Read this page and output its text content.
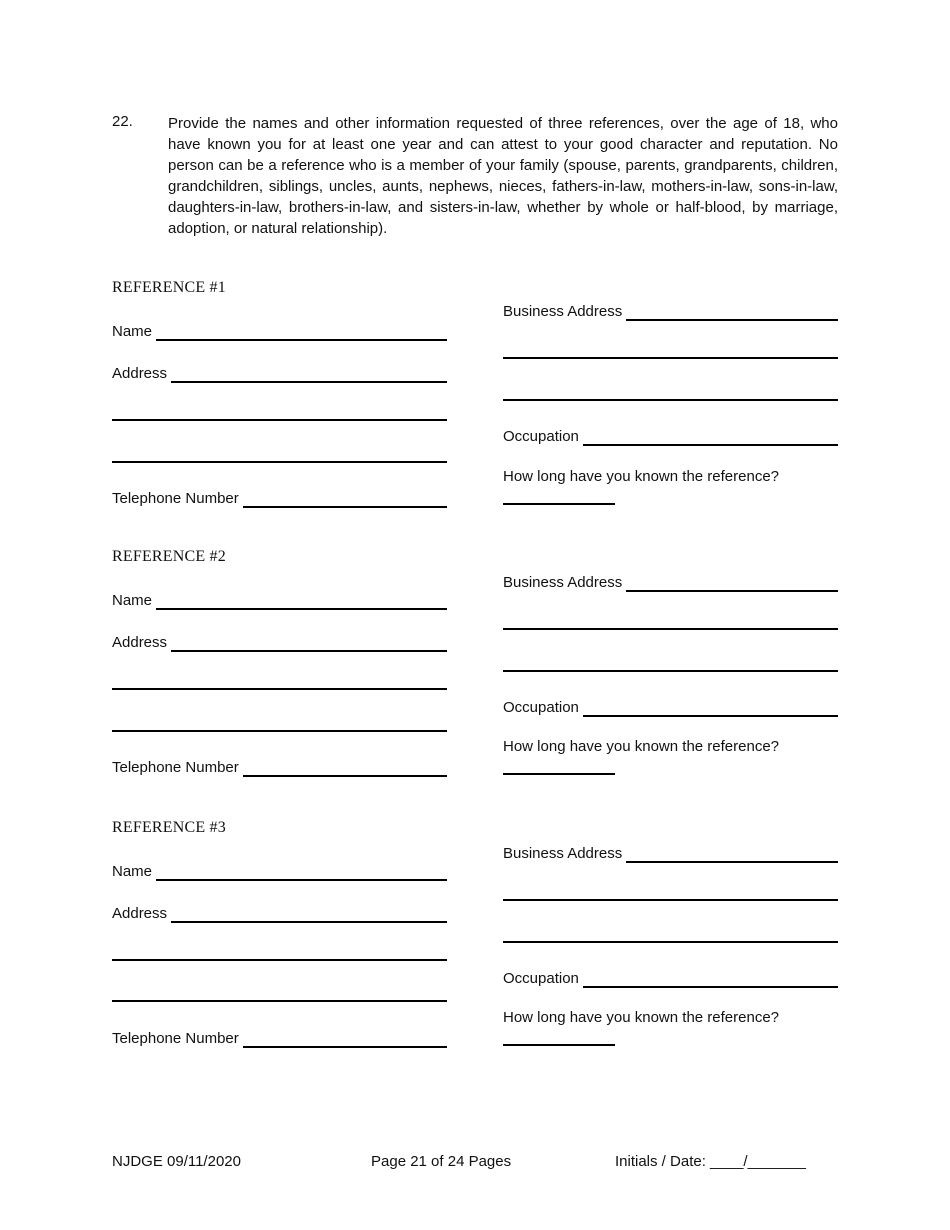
22. Provide the names and other information requested of three references, over the age of 18, who have known you for at least one year and can attest to your good character and reputation. No person can be a reference who is a member of your family (spouse, parents, grandparents, children, grandchildren, siblings, uncles, aunts, nephews, nieces, fathers-in-law, mothers-in-law, sons-in-law, daughters-in-law, brothers-in-law, and sisters-in-law, whether by whole or half-blood, by marriage, adoption, or natural relationship).
REFERENCE #1
Name
Address
Telephone Number
Business Address
Occupation
How long have you known the reference?
REFERENCE #2
Name
Address
Telephone Number
Business Address
Occupation
How long have you known the reference?
REFERENCE #3
Name
Address
Telephone Number
Business Address
Occupation
How long have you known the reference?
NJDGE 09/11/2020	Page 21 of 24 Pages	Initials / Date: ____/_______
